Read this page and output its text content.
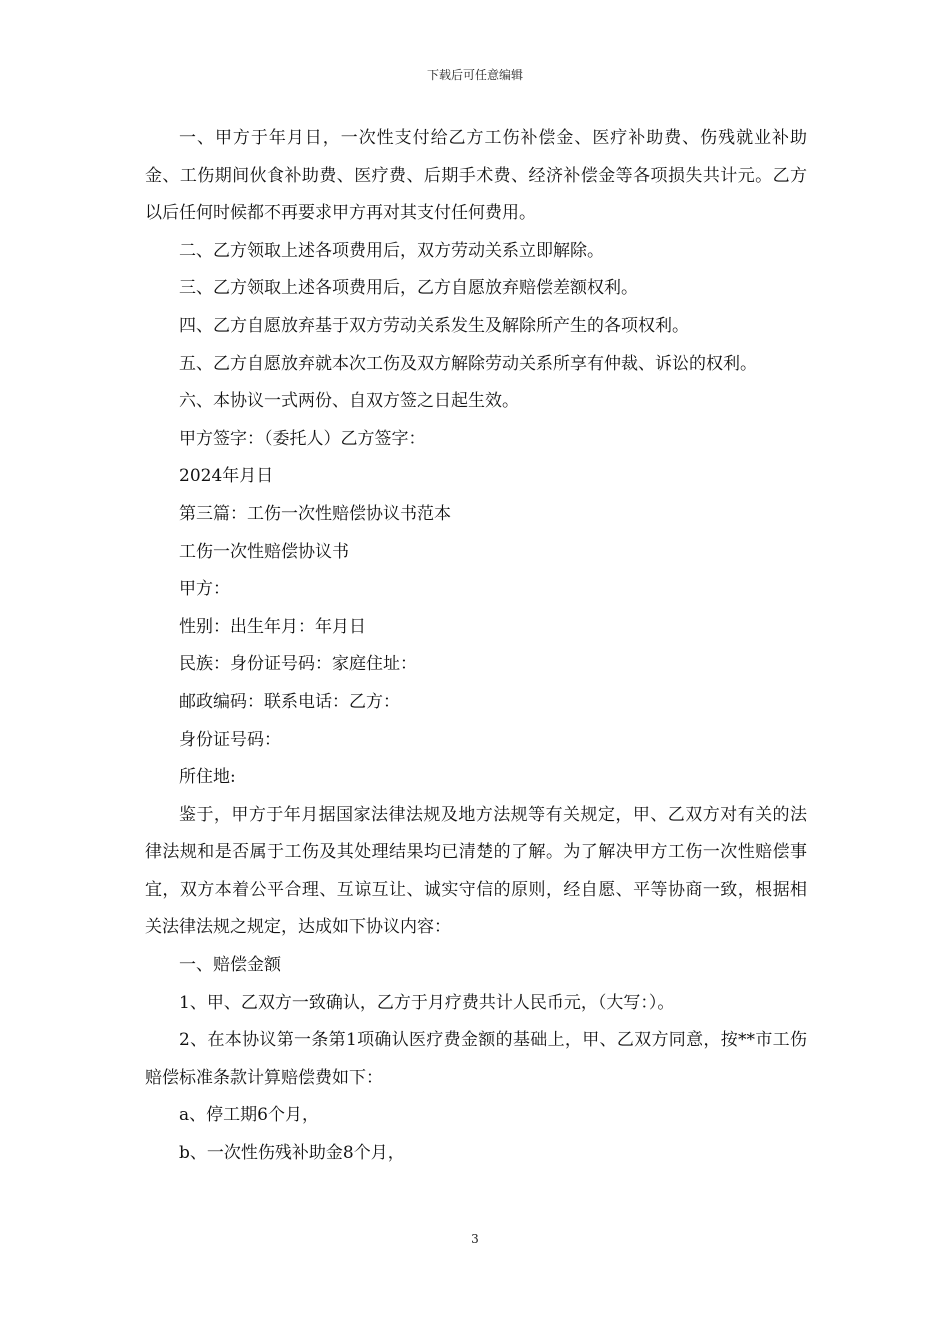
下载后可任意编辑

一、甲方于年月日，一次性支付给乙方工伤补偿金、医疗补助费、伤残就业补助金、工伤期间伙食补助费、医疗费、后期手术费、经济补偿金等各项损失共计元。乙方以后任何时候都不再要求甲方再对其支付任何费用。

二、乙方领取上述各项费用后，双方劳动关系立即解除。

三、乙方领取上述各项费用后，乙方自愿放弃赔偿差额权利。

四、乙方自愿放弃基于双方劳动关系发生及解除所产生的各项权利。

五、乙方自愿放弃就本次工伤及双方解除劳动关系所享有仲裁、诉讼的权利。

六、本协议一式两份、自双方签之日起生效。

甲方签字：（委托人）乙方签字：

2024年月日

第三篇：工伤一次性赔偿协议书范本

工伤一次性赔偿协议书

甲方：

性别：出生年月：年月日

民族：身份证号码：家庭住址：

邮政编码：联系电话：乙方：

身份证号码：

所住地:

鉴于，甲方于年月据国家法律法规及地方法规等有关规定，甲、乙双方对有关的法律法规和是否属于工伤及其处理结果均已清楚的了解。为了解决甲方工伤一次性赔偿事宜，双方本着公平合理、互谅互让、诚实守信的原则，经自愿、平等协商一致，根据相关法律法规之规定，达成如下协议内容：

一、赔偿金额

1、甲、乙双方一致确认，乙方于月疗费共计人民币元，（大写：）。

2、在本协议第一条第1项确认医疗费金额的基础上，甲、乙双方同意，按**市工伤赔偿标准条款计算赔偿费如下：

a、停工期6个月，

b、一次性伤残补助金8个月，

3
